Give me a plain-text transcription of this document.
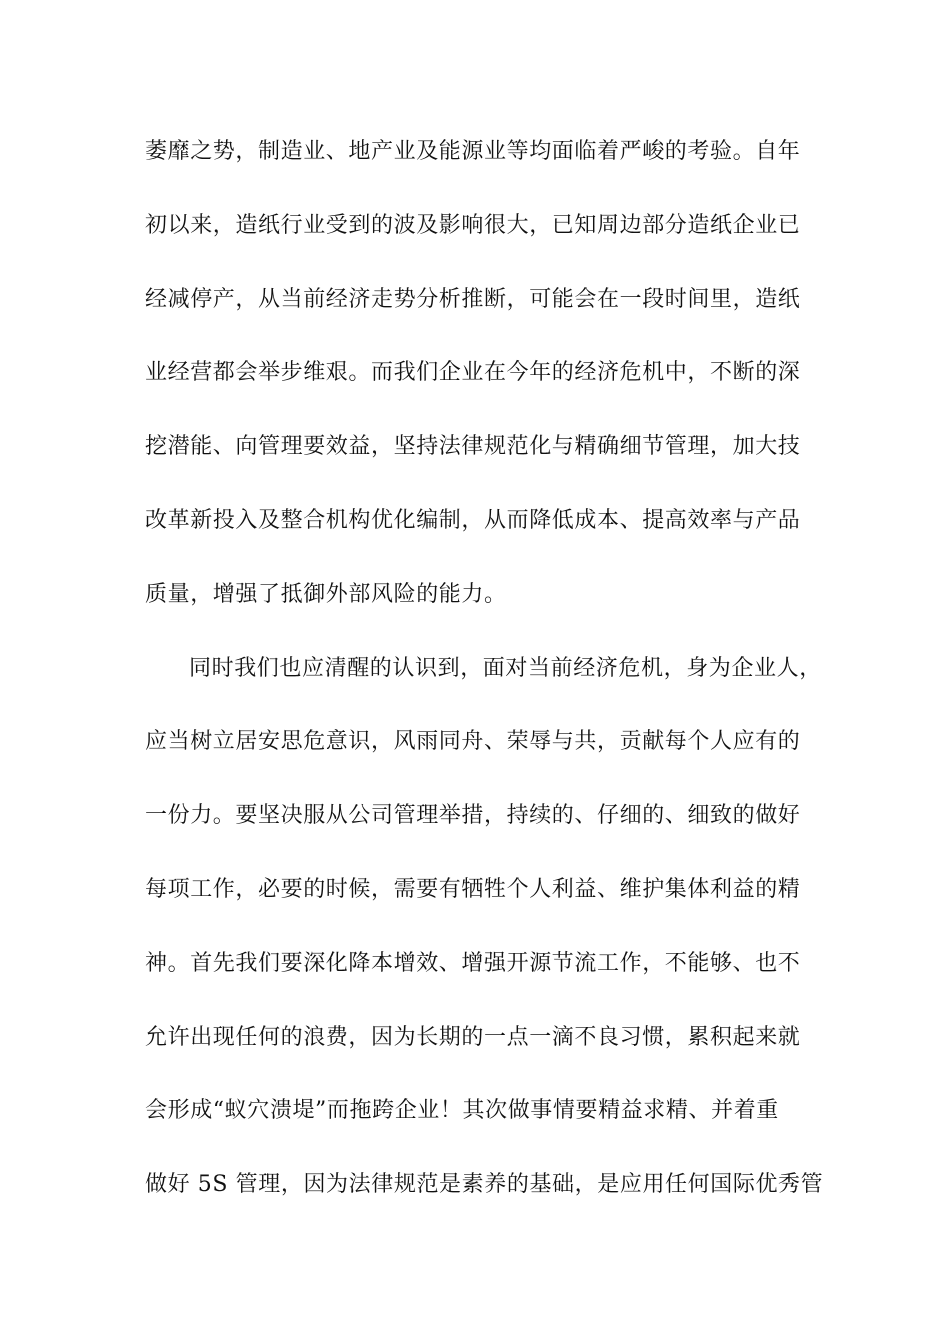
萎靡之势，制造业、地产业及能源业等均面临着严峻的考验。自年
初以来，造纸行业受到的波及影响很大，已知周边部分造纸企业已
经减停产，从当前经济走势分析推断，可能会在一段时间里，造纸
业经营都会举步维艰。而我们企业在今年的经济危机中，不断的深
挖潜能、向管理要效益，坚持法律规范化与精确细节管理，加大技
改革新投入及整合机构优化编制，从而降低成本、提高效率与产品
质量，增强了抵御外部风险的能力。
同时我们也应清醒的认识到，面对当前经济危机，身为企业人，
应当树立居安思危意识，风雨同舟、荣辱与共，贡献每个人应有的
一份力。要坚决服从公司管理举措，持续的、仔细的、细致的做好
每项工作，必要的时候，需要有牺牲个人利益、维护集体利益的精
神。首先我们要深化降本增效、增强开源节流工作，不能够、也不
允许出现任何的浪费，因为长期的一点一滴不良习惯，累积起来就
会形成“蚁穴溃堤”而拖跨企业！其次做事情要精益求精、并着重
做好 5S 管理，因为法律规范是素养的基础，是应用任何国际优秀管
